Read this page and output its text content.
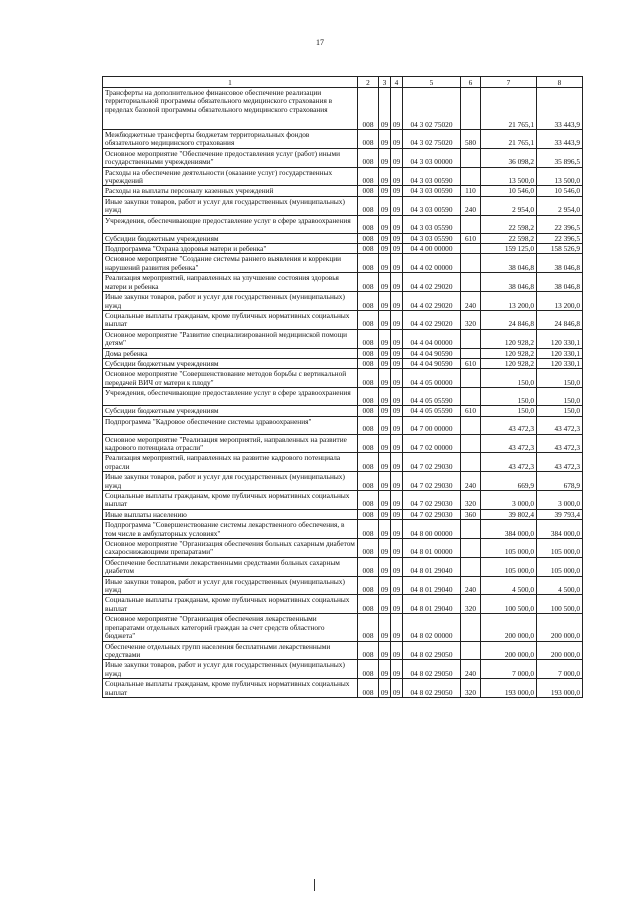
17
1	2	3	4	5	6	7	8
Трансферты на дополнительное финансовое обеспечение реализации территориальной программы обязательного медицинского страхования в пределах базовой программы обязательного медицинского страхования	008	09	09	04 3 02 75020		21 765,1	33 443,9
Межбюджетные трансферты бюджетам территориальных фондов обязательного медицинского страхования	008	09	09	04 3 02 75020	580	21 765,1	33 443,9
Основное мероприятие "Обеспечение предоставления услуг (работ) иными государственными учреждениями"	008	09	09	04 3 03 00000		36 098,2	35 896,5
Расходы на обеспечение деятельности (оказание услуг) государственных учреждений	008	09	09	04 3 03 00590		13 500,0	13 500,0
Расходы на выплаты персоналу казенных учреждений	008	09	09	04 3 03 00590	110	10 546,0	10 546,0
Иные закупки товаров, работ и услуг для государственных (муниципальных) нужд	008	09	09	04 3 03 00590	240	2 954,0	2 954,0
Учреждения, обеспечивающие предоставление услуг в сфере здравоохранения	008	09	09	04 3 03 05590		22 598,2	22 396,5
Субсидии бюджетным учреждениям	008	09	09	04 3 03 05590	610	22 598,2	22 396,5
Подпрограмма "Охрана здоровья матери и ребенка"	008	09	09	04 4 00 00000		159 125,0	158 526,9
Основное мероприятие "Создание системы раннего выявления и коррекции нарушений развития ребенка"	008	09	09	04 4 02 00000		38 046,8	38 046,8
Реализация мероприятий, направленных на улучшение состояния здоровья матери и ребенка	008	09	09	04 4 02 29020		38 046,8	38 046,8
Иные закупки товаров, работ и услуг для государственных (муниципальных) нужд	008	09	09	04 4 02 29020	240	13 200,0	13 200,0
Социальные выплаты гражданам, кроме публичных нормативных социальных выплат	008	09	09	04 4 02 29020	320	24 846,8	24 846,8
Основное мероприятие "Развитие специализированной медицинской помощи детям"	008	09	09	04 4 04 00000		120 928,2	120 330,1
Дома ребенка	008	09	09	04 4 04 90590		120 928,2	120 330,1
Субсидии бюджетным учреждениям	008	09	09	04 4 04 90590	610	120 928,2	120 330,1
Основное мероприятие "Совершенствование методов борьбы с вертикальной передачей ВИЧ от матери к плоду"	008	09	09	04 4 05 00000		150,0	150,0
Учреждения, обеспечивающие предоставление услуг в сфере здравоохранения	008	09	09	04 4 05 05590		150,0	150,0
Субсидии бюджетным учреждениям	008	09	09	04 4 05 05590	610	150,0	150,0
Подпрограмма "Кадровое обеспечение системы здравоохранения"	008	09	09	04 7 00 00000		43 472,3	43 472,3
Основное мероприятие "Реализация мероприятий, направленных на развитие кадрового потенциала отрасли"	008	09	09	04 7 02 00000		43 472,3	43 472,3
Реализация мероприятий, направленных на развитие кадрового потенциала отрасли	008	09	09	04 7 02 29030		43 472,3	43 472,3
Иные закупки товаров, работ и услуг для государственных (муниципальных) нужд	008	09	09	04 7 02 29030	240	669,9	678,9
Социальные выплаты гражданам, кроме публичных нормативных социальных выплат	008	09	09	04 7 02 29030	320	3 000,0	3 000,0
Иные выплаты населению	008	09	09	04 7 02 29030	360	39 802,4	39 793,4
Подпрограмма "Совершенствование системы лекарственного обеспечения, в том числе в амбулаторных условиях"	008	09	09	04 8 00 00000		384 000,0	384 000,0
Основное мероприятие "Организация обеспечения больных сахарным диабетом сахароснижающими препаратами"	008	09	09	04 8 01 00000		105 000,0	105 000,0
Обеспечение бесплатными лекарственными средствами больных сахарным диабетом	008	09	09	04 8 01 29040		105 000,0	105 000,0
Иные закупки товаров, работ и услуг для государственных (муниципальных) нужд	008	09	09	04 8 01 29040	240	4 500,0	4 500,0
Социальные выплаты гражданам, кроме публичных нормативных социальных выплат	008	09	09	04 8 01 29040	320	100 500,0	100 500,0
Основное мероприятие "Организация обеспечения лекарственными препаратами отдельных категорий граждан за счет средств областного бюджета"	008	09	09	04 8 02 00000		200 000,0	200 000,0
Обеспечение отдельных групп населения бесплатными лекарственными средствами	008	09	09	04 8 02 29050		200 000,0	200 000,0
Иные закупки товаров, работ и услуг для государственных (муниципальных) нужд	008	09	09	04 8 02 29050	240	7 000,0	7 000,0
Социальные выплаты гражданам, кроме публичных нормативных социальных выплат	008	09	09	04 8 02 29050	320	193 000,0	193 000,0
